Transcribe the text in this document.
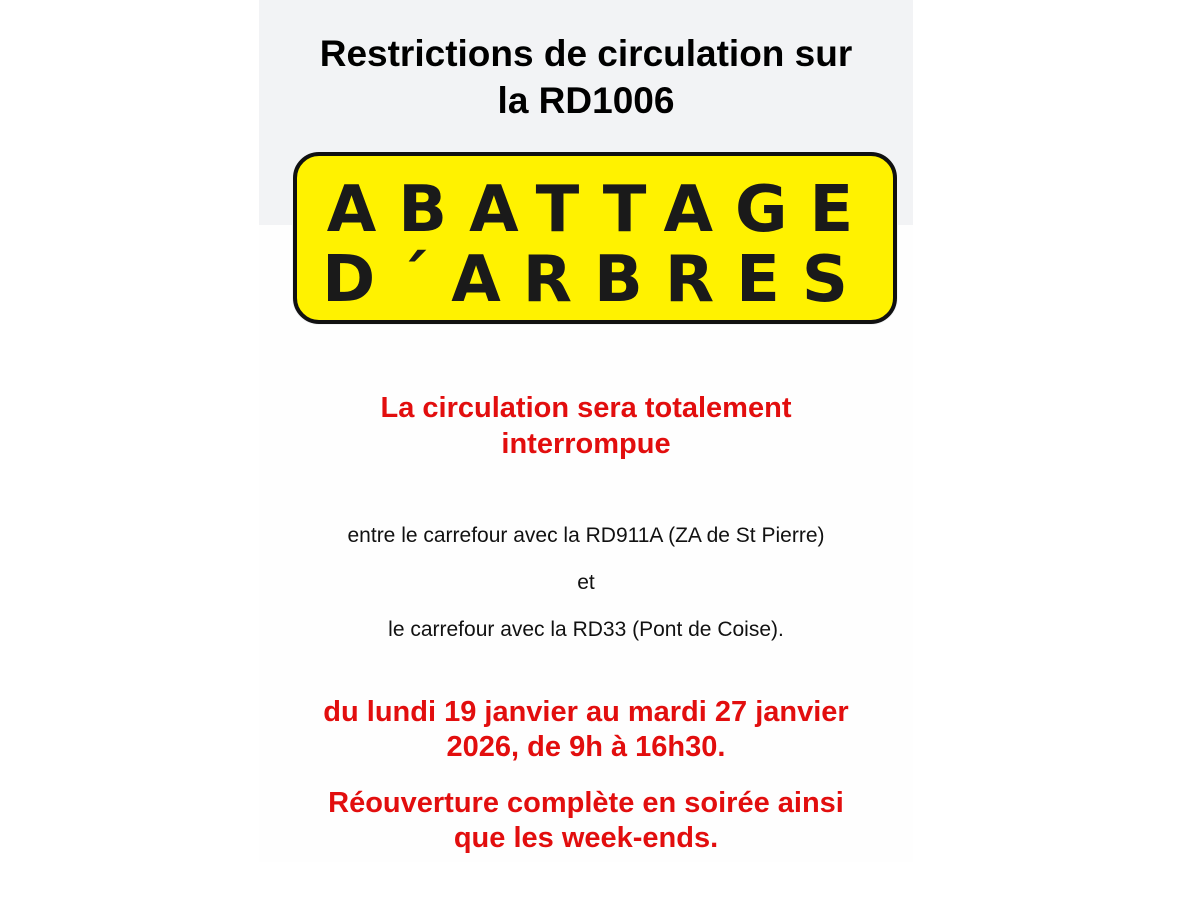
Restrictions de circulation sur
la RD1006
ABATTAGE
D´ARBRES

La circulation sera totalement
interrompue

entre le carrefour avec la RD911A (ZA de St Pierre)

et

le carrefour avec la RD33 (Pont de Coise).

du lundi 19 janvier au mardi 27 janvier
2026, de 9h à 16h30.

Réouverture complète en soirée ainsi
que les week-ends.
